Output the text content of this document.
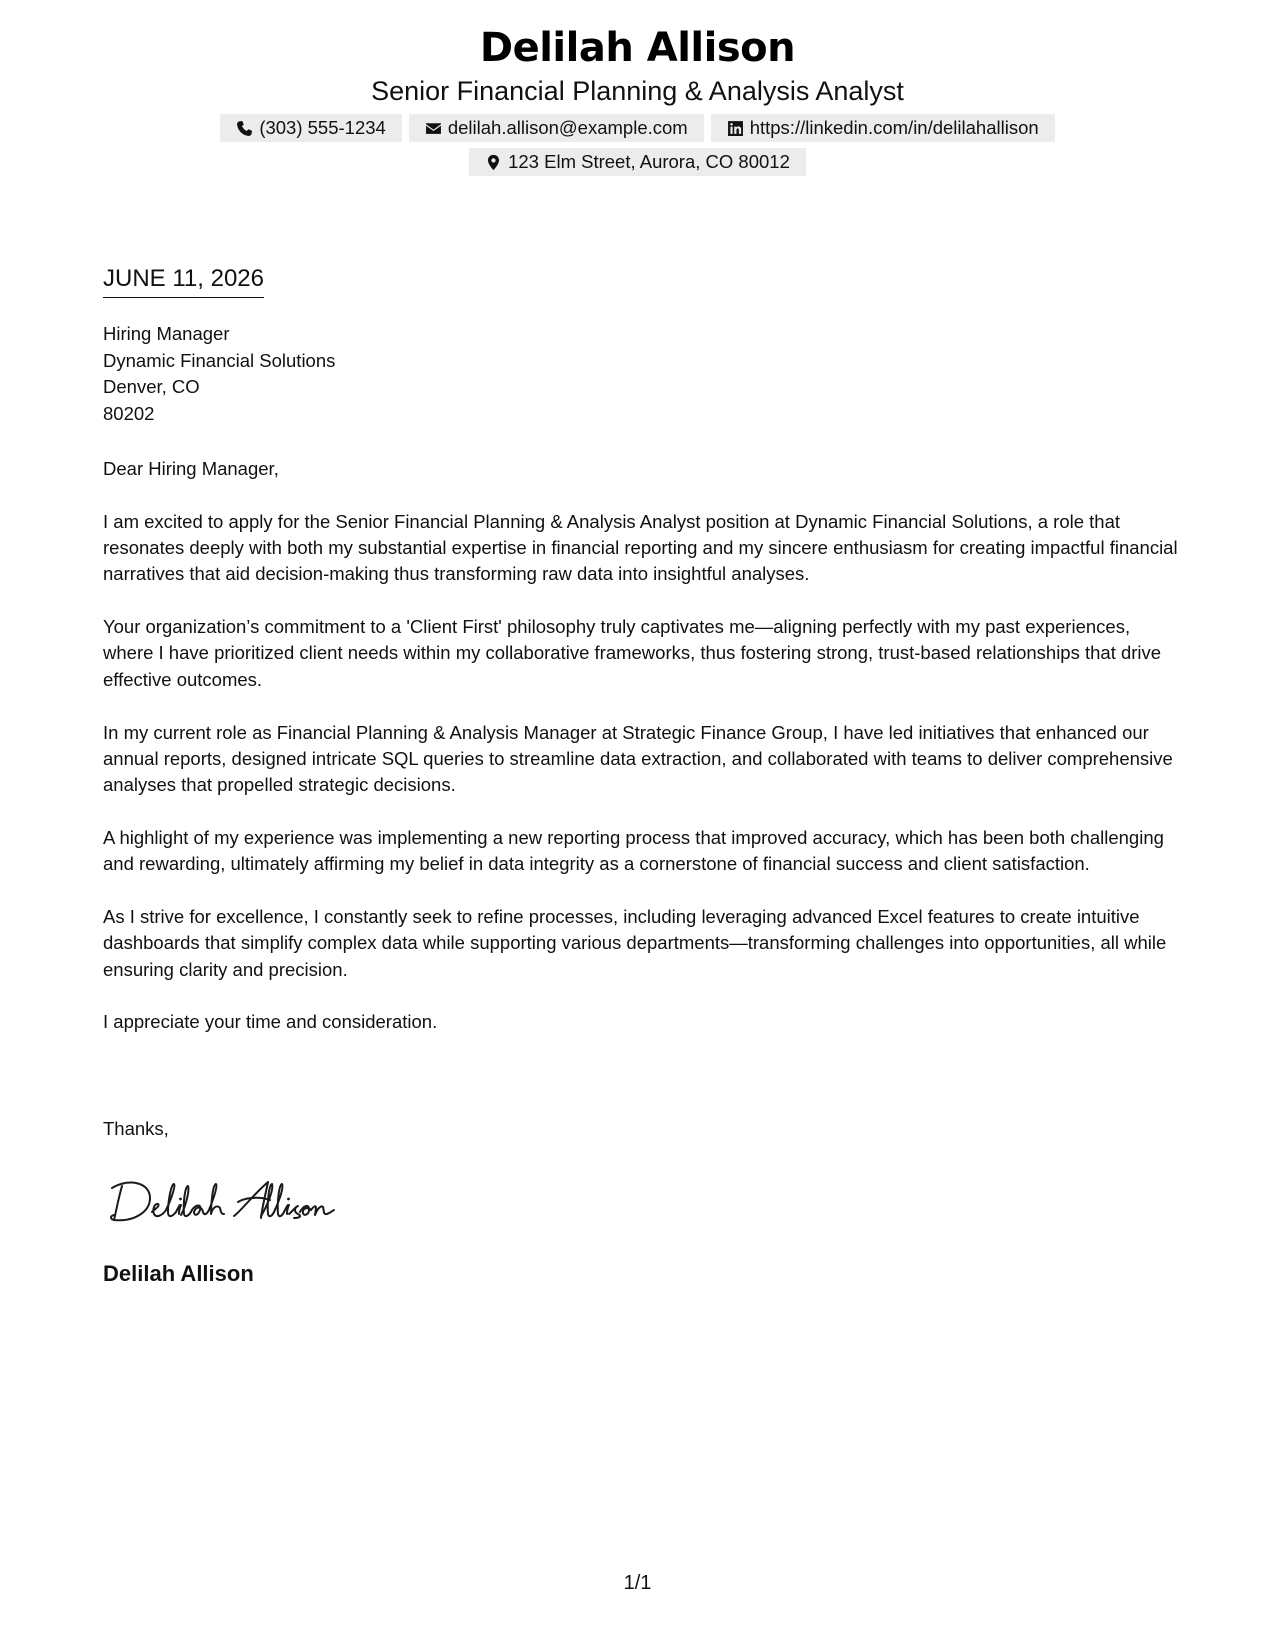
Delilah Allison
Senior Financial Planning & Analysis Analyst
(303) 555-1234	delilah.allison@example.com	https://linkedin.com/in/delilahallison
123 Elm Street, Aurora, CO 80012
JUNE 11, 2026
Hiring Manager
Dynamic Financial Solutions
Denver, CO
80202

Dear Hiring Manager,

I am excited to apply for the Senior Financial Planning & Analysis Analyst position at Dynamic Financial Solutions, a role that resonates deeply with both my substantial expertise in financial reporting and my sincere enthusiasm for creating impactful financial narratives that aid decision-making thus transforming raw data into insightful analyses.

Your organization’s commitment to a 'Client First' philosophy truly captivates me—aligning perfectly with my past experiences, where I have prioritized client needs within my collaborative frameworks, thus fostering strong, trust-based relationships that drive effective outcomes.

In my current role as Financial Planning & Analysis Manager at Strategic Finance Group, I have led initiatives that enhanced our annual reports, designed intricate SQL queries to streamline data extraction, and collaborated with teams to deliver comprehensive analyses that propelled strategic decisions.

A highlight of my experience was implementing a new reporting process that improved accuracy, which has been both challenging and rewarding, ultimately affirming my belief in data integrity as a cornerstone of financial success and client satisfaction.

As I strive for excellence, I constantly seek to refine processes, including leveraging advanced Excel features to create intuitive dashboards that simplify complex data while supporting various departments—transforming challenges into opportunities, all while ensuring clarity and precision.

I appreciate your time and consideration.

Thanks,
Delilah Allison
1/1
